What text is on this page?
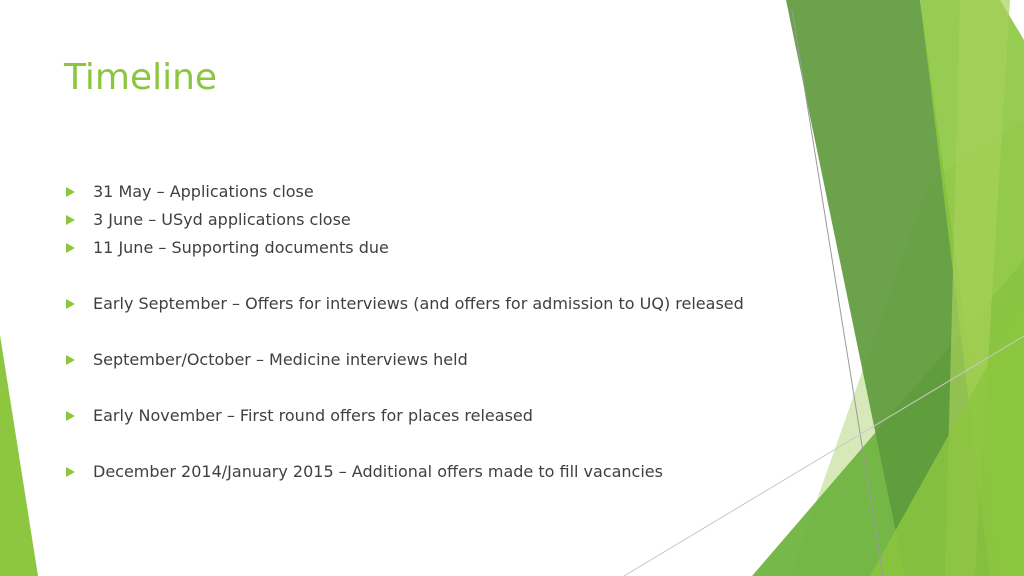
Timeline
31 May – Applications close
3 June – USyd applications close
11 June – Supporting documents due
Early September – Offers for interviews (and offers for admission to UQ) released
September/October – Medicine interviews held
Early November – First round offers for places released
December 2014/January 2015 – Additional offers made to fill vacancies
